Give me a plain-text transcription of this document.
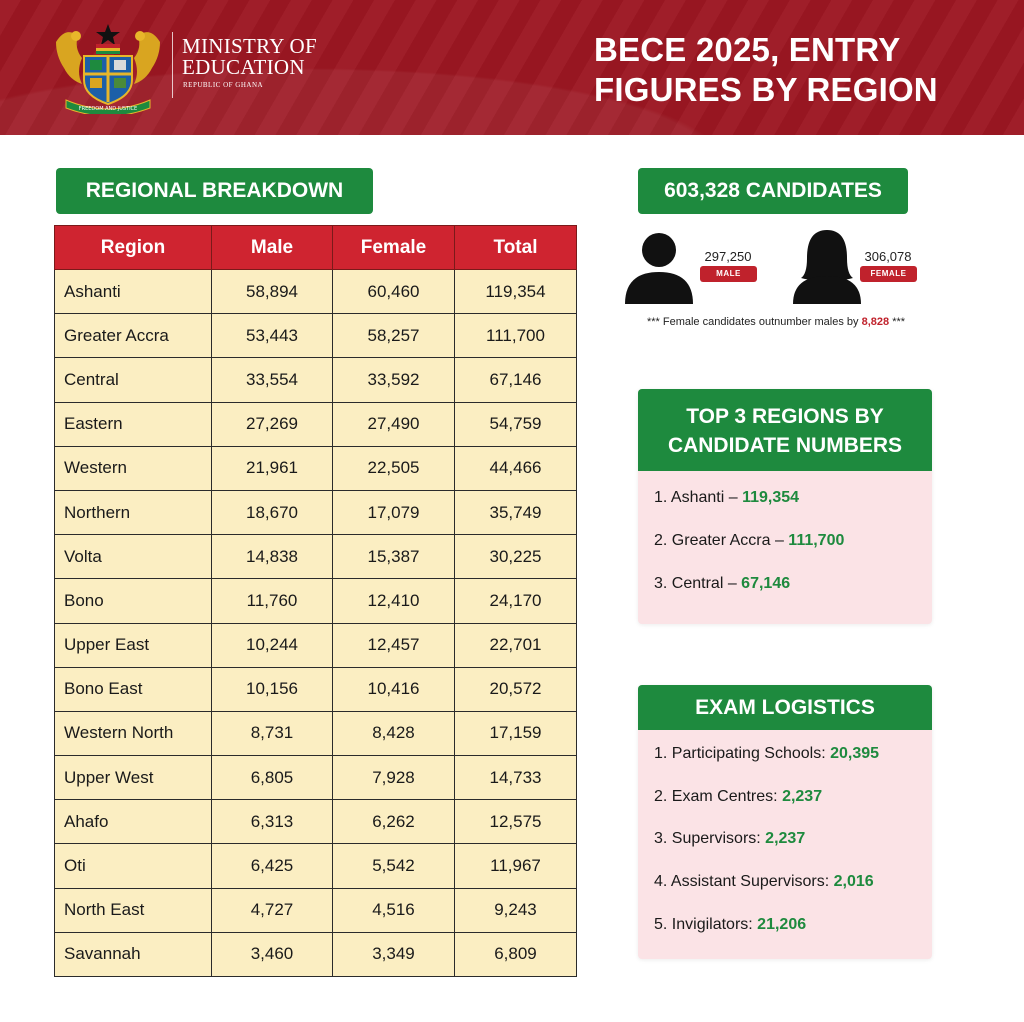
FREEDOM AND JUSTICE
MINISTRY OF
EDUCATION
REPUBLIC OF GHANA
BECE 2025, ENTRY
FIGURES BY REGION
REGIONAL BREAKDOWN
Region	Male	Female	Total
Ashanti	58,894	60,460	119,354
Greater Accra	53,443	58,257	111,700
Central	33,554	33,592	67,146
Eastern	27,269	27,490	54,759
Western	21,961	22,505	44,466
Northern	18,670	17,079	35,749
Volta	14,838	15,387	30,225
Bono	11,760	12,410	24,170
Upper East	10,244	12,457	22,701
Bono East	10,156	10,416	20,572
Western North	8,731	8,428	17,159
Upper West	6,805	7,928	14,733
Ahafo	6,313	6,262	12,575
Oti	6,425	5,542	11,967
North East	4,727	4,516	9,243
Savannah	3,460	3,349	6,809
603,328 CANDIDATES
297,250
MALE
306,078
FEMALE
*** Female candidates outnumber males by 8,828 ***
TOP 3 REGIONS BY
CANDIDATE NUMBERS
1. Ashanti – 119,354
2. Greater Accra – 111,700
3. Central – 67,146
EXAM LOGISTICS
1. Participating Schools: 20,395
2. Exam Centres: 2,237
3. Supervisors: 2,237
4. Assistant Supervisors: 2,016
5. Invigilators: 21,206
